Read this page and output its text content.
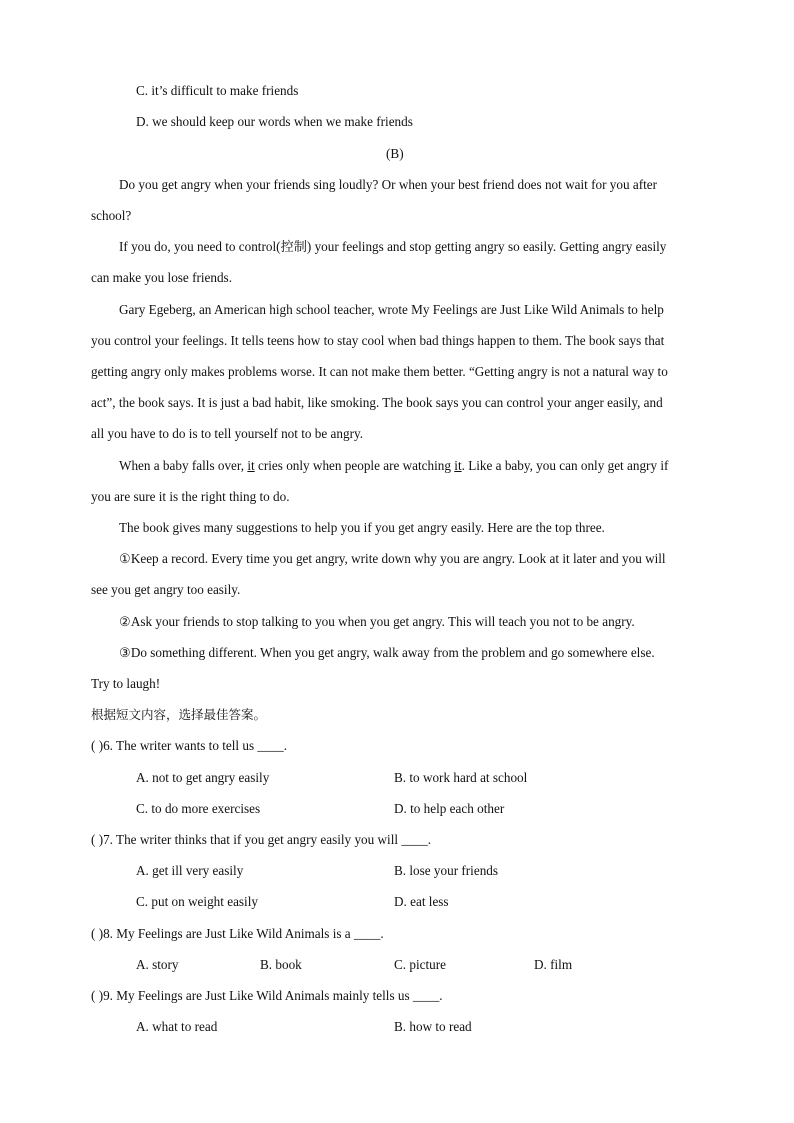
C. it’s difficult to make friends
D. we should keep our words when we make friends
(B)
Do you get angry when your friends sing loudly? Or when your best friend does not wait for you after
school?
If you do, you need to control(控制) your feelings and stop getting angry so easily. Getting angry easily
can make you lose friends.
Gary Egeberg, an American high school teacher, wrote My Feelings are Just Like Wild Animals to help
you control your feelings. It tells teens how to stay cool when bad things happen to them. The book says that
getting angry only makes problems worse. It can not make them better. “Getting angry is not a natural way to
act”, the book says. It is just a bad habit, like smoking. The book says you can control your anger easily, and
all you have to do is to tell yourself not to be angry.
When a baby falls over, it cries only when people are watching it. Like a baby, you can only get angry if
you are sure it is the right thing to do.
The book gives many suggestions to help you if you get angry easily. Here are the top three.
①Keep a record. Every time you get angry, write down why you are angry. Look at it later and you will
see you get angry too easily.
②Ask your friends to stop talking to you when you get angry. This will teach you not to be angry.
③Do something different. When you get angry, walk away from the problem and go somewhere else.
Try to laugh!
根据短文内容，选择最佳答案。
( )6. The writer wants to tell us ____.
A. not to get angry easily	B. to work hard at school
C. to do more exercises	D. to help each other
( )7. The writer thinks that if you get angry easily you will ____.
A. get ill very easily	B. lose your friends
C. put on weight easily	D. eat less
( )8. My Feelings are Just Like Wild Animals is a ____.
A. story	B. book	C. picture	D. film
( )9. My Feelings are Just Like Wild Animals mainly tells us ____.
A. what to read	B. how to read
